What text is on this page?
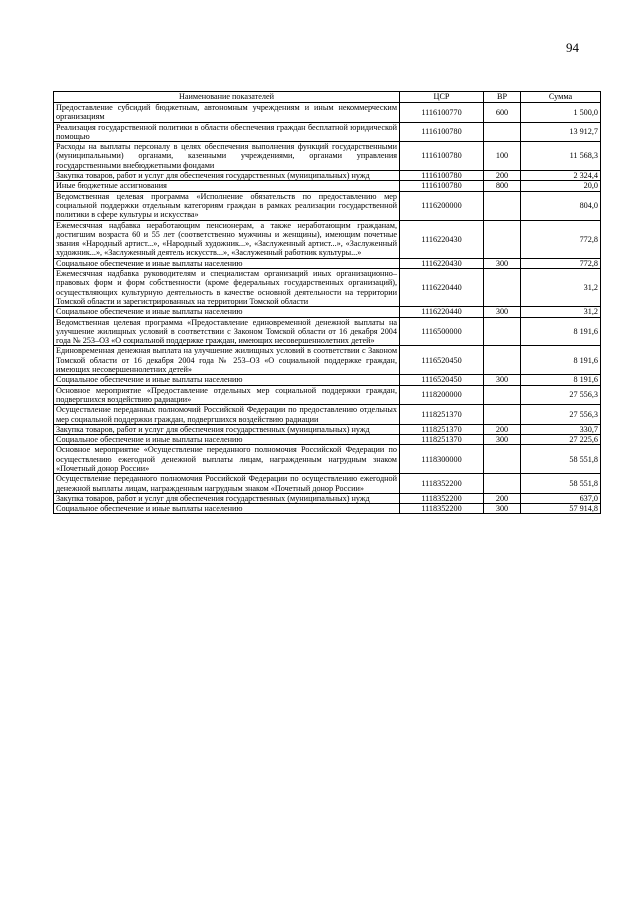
94
Наименование показателей	ЦСР	ВР	Сумма
Предоставление субсидий бюджетным, автономным учреждениям и иным некоммерческим организациям	1116100770	600	1 500,0
Реализация государственной политики в области обеспечения граждан бесплатной юридической помощью	1116100780		13 912,7
Расходы на выплаты персоналу в целях обеспечения выполнения функций государственными (муниципальными) органами, казенными учреждениями, органами управления государственными внебюджетными фондами	1116100780	100	11 568,3
Закупка товаров, работ и услуг для обеспечения государственных (муниципальных) нужд	1116100780	200	2 324,4
Иные бюджетные ассигнования	1116100780	800	20,0
Ведомственная целевая программа «Исполнение обязательств по предоставлению мер социальной поддержки отдельным категориям граждан в рамках реализации государственной политики в сфере культуры и искусства»	1116200000		804,0
Ежемесячная надбавка неработающим пенсионерам, а также неработающим гражданам, достигшим возраста 60 и 55 лет (соответственно мужчины и женщины), имеющим почетные звания «Народный артист...», «Народный художник...», «Заслуженный артист...», «Заслуженный художник...», «Заслуженный деятель искусств...», «Заслуженный работник культуры...»	1116220430		772,8
Социальное обеспечение и иные выплаты населению	1116220430	300	772,8
Ежемесячная надбавка руководителям и специалистам организаций иных организационно–правовых форм и форм собственности (кроме федеральных государственных организаций), осуществляющих культурную деятельность в качестве основной деятельности на территории Томской области и зарегистрированных на территории Томской области	1116220440		31,2
Социальное обеспечение и иные выплаты населению	1116220440	300	31,2
Ведомственная целевая программа «Предоставление единовременной денежной выплаты на улучшение жилищных условий в соответствии с Законом Томской области от 16 декабря 2004 года № 253–ОЗ «О социальной поддержке граждан, имеющих несовершеннолетних детей»	1116500000		8 191,6
Единовременная денежная выплата на улучшение жилищных условий в соответствии с Законом Томской области от 16 декабря 2004 года № 253–ОЗ «О социальной поддержке граждан, имеющих несовершеннолетних детей»	1116520450		8 191,6
Социальное обеспечение и иные выплаты населению	1116520450	300	8 191,6
Основное мероприятие «Предоставление отдельных мер социальной поддержки граждан, подвергшихся воздействию радиации»	1118200000		27 556,3
Осуществление переданных полномочий Российской Федерации по предоставлению отдельных мер социальной поддержки граждан, подвергшихся воздействию радиации	1118251370		27 556,3
Закупка товаров, работ и услуг для обеспечения государственных (муниципальных) нужд	1118251370	200	330,7
Социальное обеспечение и иные выплаты населению	1118251370	300	27 225,6
Основное мероприятие «Осуществление переданного полномочия Российской Федерации по осуществлению ежегодной денежной выплаты лицам, награжденным нагрудным знаком «Почетный донор России»	1118300000		58 551,8
Осуществление переданного полномочия Российской Федерации по осуществлению ежегодной денежной выплаты лицам, награжденным нагрудным знаком «Почетный донор России»	1118352200		58 551,8
Закупка товаров, работ и услуг для обеспечения государственных (муниципальных) нужд	1118352200	200	637,0
Социальное обеспечение и иные выплаты населению	1118352200	300	57 914,8
